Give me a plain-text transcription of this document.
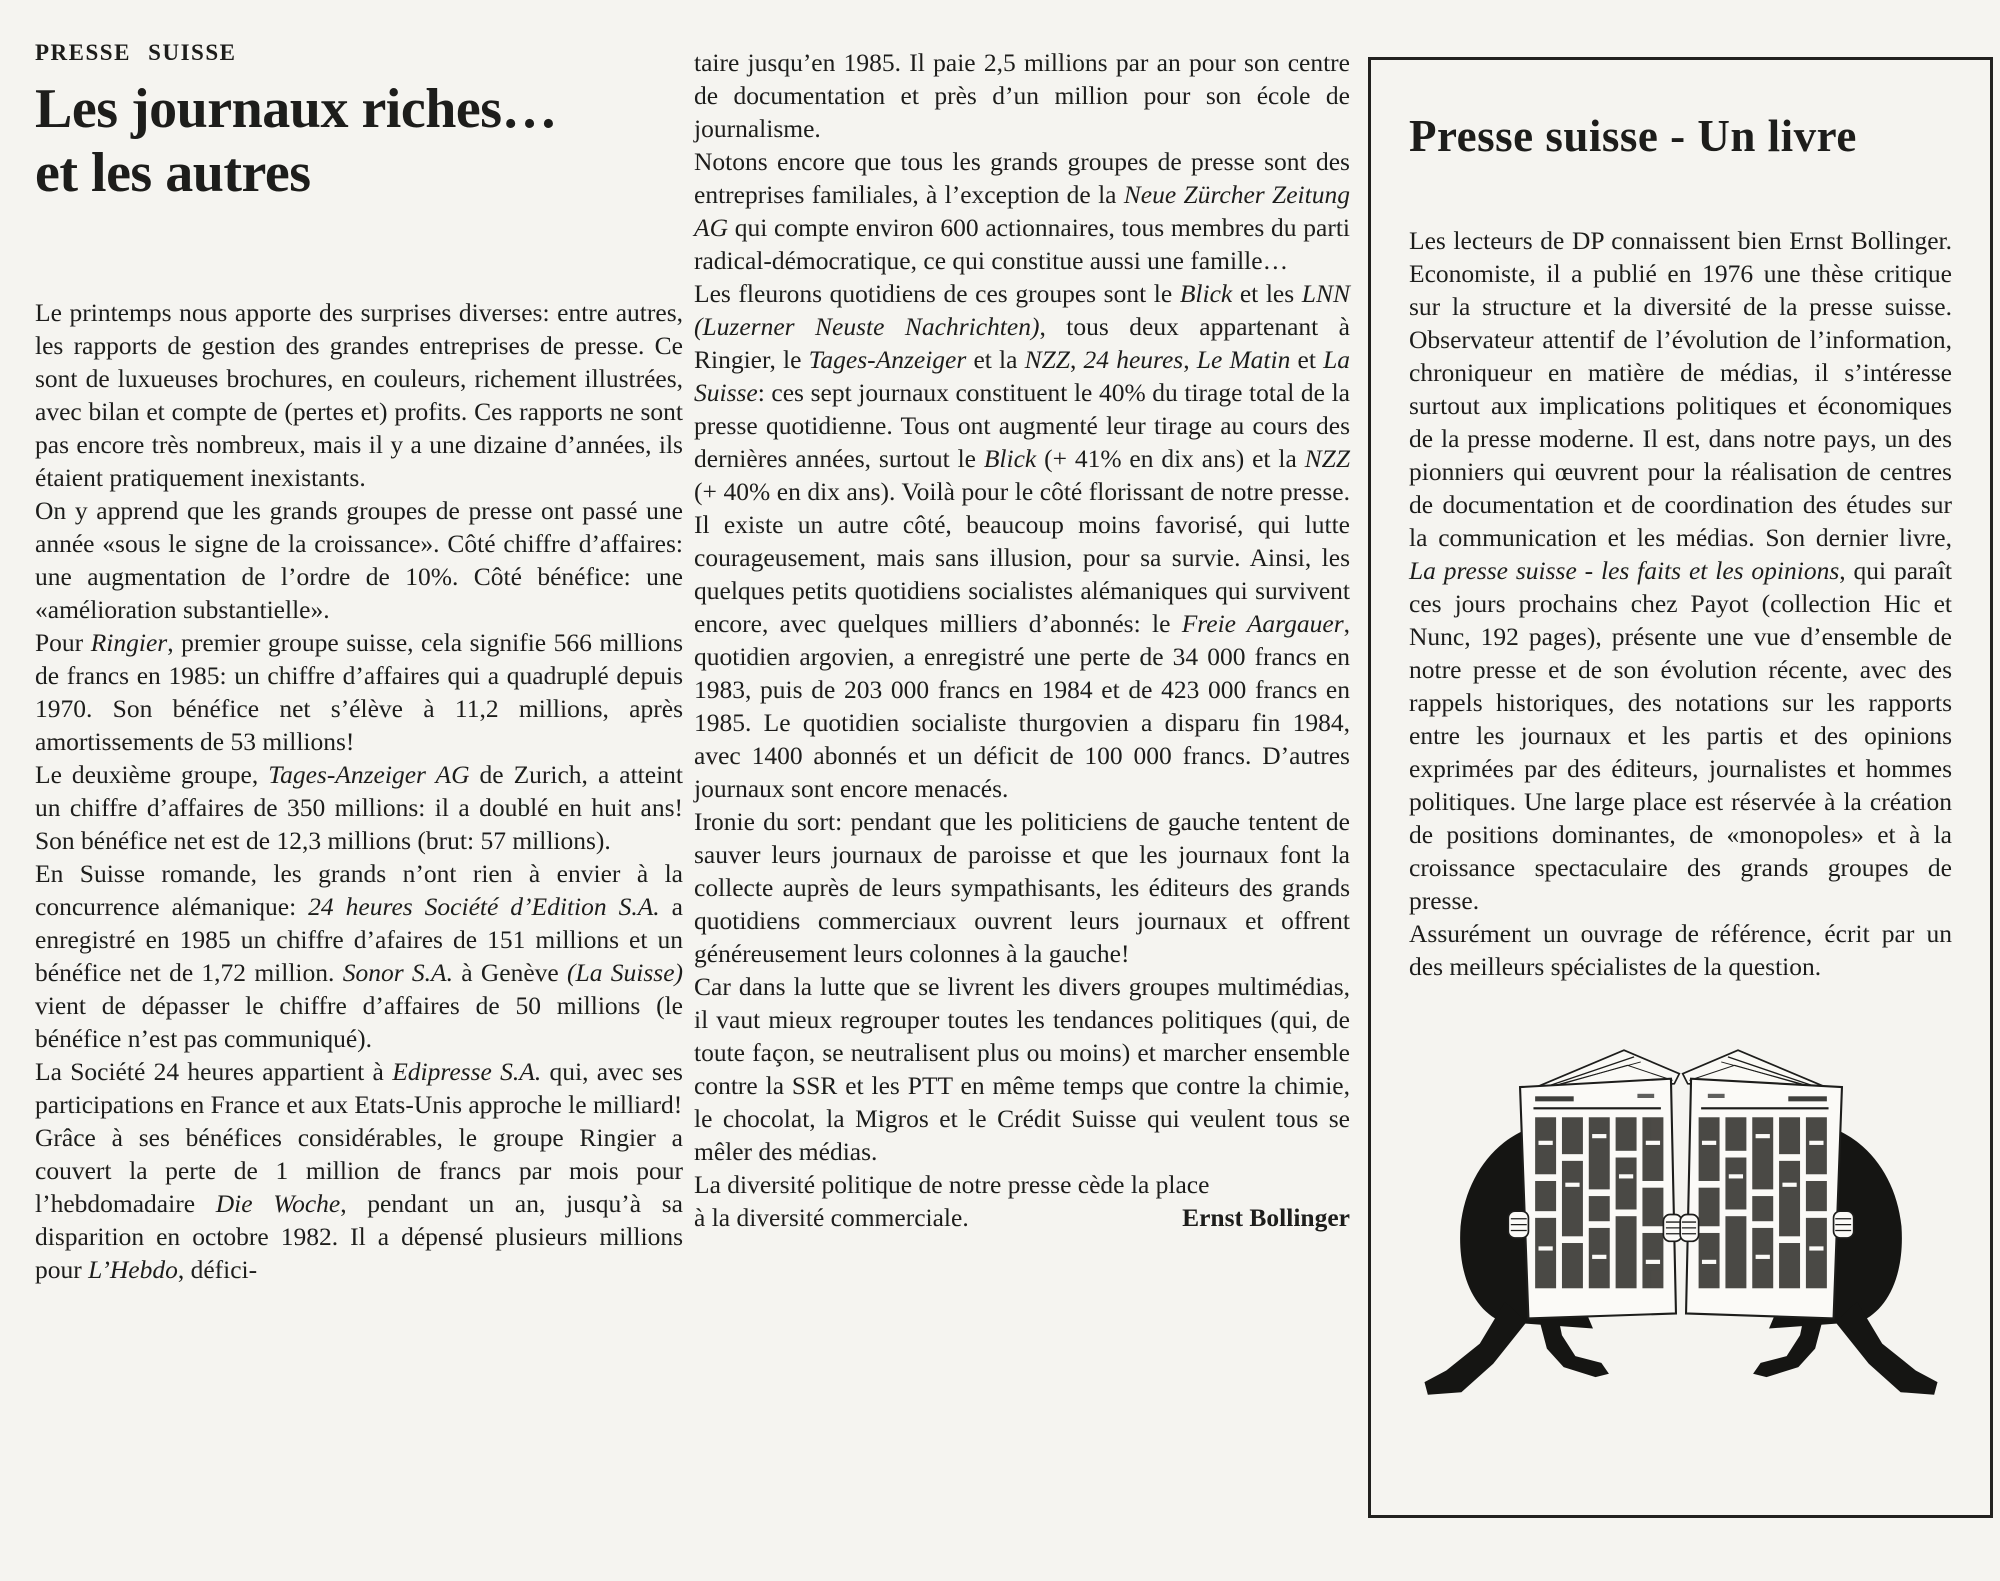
PRESSE SUISSE
Les journaux riches…
et les autres

Le printemps nous apporte des surprises diverses: entre autres, les rapports de gestion des grandes entreprises de presse. Ce sont de luxueuses brochures, en couleurs, richement illustrées, avec bilan et compte de (pertes et) profits. Ces rapports ne sont pas encore très nombreux, mais il y a une dizaine d’années, ils étaient pratiquement inexistants.

On y apprend que les grands groupes de presse ont passé une année «sous le signe de la croissance». Côté chiffre d’affaires: une augmentation de l’ordre de 10%. Côté bénéfice: une «amélioration substantielle».

Pour Ringier, premier groupe suisse, cela signifie 566 millions de francs en 1985: un chiffre d’affaires qui a quadruplé depuis 1970. Son bénéfice net s’élève à 11,2 millions, après amortissements de 53 millions!

Le deuxième groupe, Tages-Anzeiger AG de Zurich, a atteint un chiffre d’affaires de 350 millions: il a doublé en huit ans! Son bénéfice net est de 12,3 millions (brut: 57 millions).

En Suisse romande, les grands n’ont rien à envier à la concurrence alémanique: 24 heures Société d’Edition S.A. a enregistré en 1985 un chiffre d’afaires de 151 millions et un bénéfice net de 1,72 million. Sonor S.A. à Genève (La Suisse) vient de dépasser le chiffre d’affaires de 50 millions (le bénéfice n’est pas communiqué).

La Société 24 heures appartient à Edipresse S.A. qui, avec ses participations en France et aux Etats-Unis approche le milliard!

Grâce à ses bénéfices considérables, le groupe Ringier a couvert la perte de 1 million de francs par mois pour l’hebdomadaire Die Woche, pendant un an, jusqu’à sa disparition en octobre 1982. Il a dépensé plusieurs millions pour L’Hebdo, défici-

taire jusqu’en 1985. Il paie 2,5 millions par an pour son centre de documentation et près d’un million pour son école de journalisme.

Notons encore que tous les grands groupes de presse sont des entreprises familiales, à l’exception de la Neue Zürcher Zeitung AG qui compte environ 600 actionnaires, tous membres du parti radical-démocratique, ce qui constitue aussi une famille…

Les fleurons quotidiens de ces groupes sont le Blick et les LNN (Luzerner Neuste Nachrichten), tous deux appartenant à Ringier, le Tages-Anzeiger et la NZZ, 24 heures, Le Matin et La Suisse: ces sept journaux constituent le 40% du tirage total de la presse quotidienne. Tous ont augmenté leur tirage au cours des dernières années, surtout le Blick (+ 41% en dix ans) et la NZZ (+ 40% en dix ans). Voilà pour le côté florissant de notre presse. Il existe un autre côté, beaucoup moins favorisé, qui lutte courageusement, mais sans illusion, pour sa survie. Ainsi, les quelques petits quotidiens socialistes alémaniques qui survivent encore, avec quelques milliers d’abonnés: le Freie Aargauer, quotidien argovien, a enregistré une perte de 34 000 francs en 1983, puis de 203 000 francs en 1984 et de 423 000 francs en 1985. Le quotidien socialiste thurgovien a disparu fin 1984, avec 1400 abonnés et un déficit de 100 000 francs. D’autres journaux sont encore menacés.

Ironie du sort: pendant que les politiciens de gauche tentent de sauver leurs journaux de paroisse et que les journaux font la collecte auprès de leurs sympathisants, les éditeurs des grands quotidiens commerciaux ouvrent leurs journaux et offrent généreusement leurs colonnes à la gauche!

Car dans la lutte que se livrent les divers groupes multimédias, il vaut mieux regrouper toutes les tendances politiques (qui, de toute façon, se neutralisent plus ou moins) et marcher ensemble contre la SSR et les PTT en même temps que contre la chimie, le chocolat, la Migros et le Crédit Suisse qui veulent tous se mêler des médias.

La diversité politique de notre presse cède la place

à la diversité commerciale.	Ernst Bollinger
Presse suisse - Un livre

Les lecteurs de DP connaissent bien Ernst Bollinger. Economiste, il a publié en 1976 une thèse critique sur la structure et la diversité de la presse suisse. Observateur attentif de l’évolution de l’information, chroniqueur en matière de médias, il s’intéresse surtout aux implications politiques et économiques de la presse moderne. Il est, dans notre pays, un des pionniers qui œuvrent pour la réalisation de centres de documentation et de coordination des études sur la communication et les médias. Son dernier livre, La presse suisse - les faits et les opinions, qui paraît ces jours prochains chez Payot (collection Hic et Nunc, 192 pages), présente une vue d’ensemble de notre presse et de son évolution récente, avec des rappels historiques, des notations sur les rapports entre les journaux et les partis et des opinions exprimées par des éditeurs, journalistes et hommes politiques. Une large place est réservée à la création de positions dominantes, de «monopoles» et à la croissance spectaculaire des grands groupes de presse.

Assurément un ouvrage de référence, écrit par un des meilleurs spécialistes de la question.
